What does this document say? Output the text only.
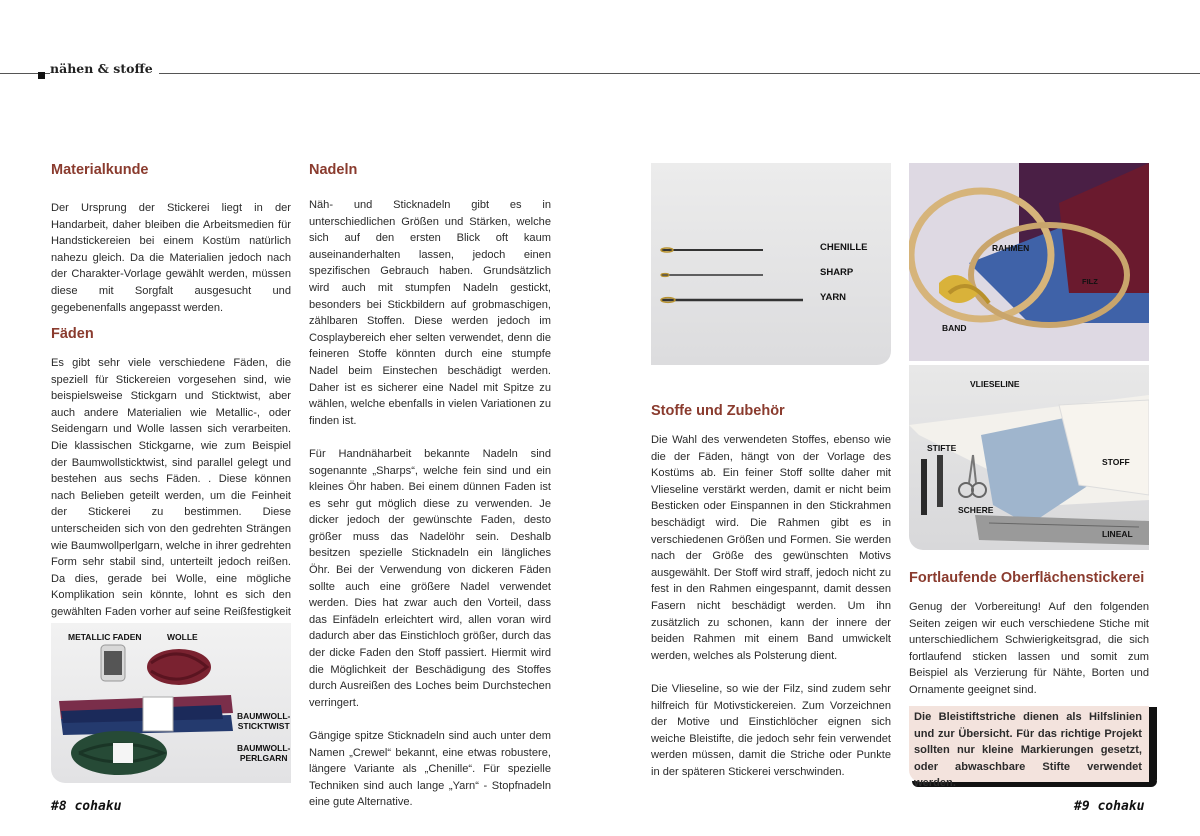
nähen & stoffe
Materialkunde

Der Ursprung der Stickerei liegt in der Handarbeit, daher bleiben die Arbeitsmedien für Handstickereien bei einem Kostüm natürlich nahezu gleich. Da die Materialien jedoch nach der Charakter-Vorlage gewählt werden, müssen diese mit Sorgfalt ausgesucht und gegebenenfalls angepasst werden.

Fäden

Es gibt sehr viele verschiedene Fäden, die speziell für Stickereien vorgesehen sind, wie beispielsweise Stickgarn und Sticktwist, aber auch andere Materialien wie Metallic-, oder Seidengarn und Wolle lassen sich verarbeiten. Die klassischen Stickgarne, wie zum Beispiel der Baumwollsticktwist, sind parallel gelegt und bestehen aus sechs Fäden. . Diese können nach Belieben geteilt werden, um die Feinheit der Stickerei zu bestimmen. Diese unterscheiden sich von den gedrehten Strängen wie Baumwollperlgarn, welche in ihrer gedrehten Form sehr stabil sind, unterteilt jedoch reißen. Da dies, gerade bei Wolle, eine mögliche Komplikation sein könnte, lohnt es sich den gewählten Faden vorher auf seine Reißfestigkeit

METALLIC FADEN	WOLLE
BAUMWOLL-
STICKTWIST
BAUMWOLL-
PERLGARN
Nadeln

Näh- und Sticknadeln gibt es in unterschiedlichen Größen und Stärken, welche sich auf den ersten Blick oft kaum auseinanderhalten lassen, jedoch einen spezifischen Gebrauch haben. Grundsätzlich wird auch mit stumpfen Nadeln gestickt, besonders bei Stickbildern auf grobmaschigen, zählbaren Stoffen. Diese werden jedoch im Cosplaybereich eher selten verwendet, denn die feineren Stoffe könnten durch eine stumpfe Nadel beim Einstechen beschädigt werden. Daher ist es sicherer eine Nadel mit Spitze zu wählen, welche ebenfalls in vielen Variationen zu finden ist.

Für Handnäharbeit bekannte Nadeln sind sogenannte „Sharps“, welche fein sind und ein kleines Öhr haben. Bei einem dünnen Faden ist es sehr gut möglich diese zu verwenden. Je dicker jedoch der gewünschte Faden, desto größer muss das Nadelöhr sein. Deshalb besitzen spezielle Sticknadeln ein längliches Öhr. Bei der Verwendung von dickeren Fäden sollte auch eine größere Nadel verwendet werden. Dies hat zwar auch den Vorteil, dass das Einfädeln erleichtert wird, allen voran wird dadurch aber das Einstichloch größer, durch das der dicke Faden den Stoff passiert. Hiermit wird die Möglichkeit der Beschädigung des Stoffes durch Ausreißen des Loches beim Durchstechen verringert.

Gängige spitze Sticknadeln sind auch unter dem Namen „Crewel“ bekannt, eine etwas robustere, längere Variante als „Chenille“. Für spezielle Techniken sind auch lange „Yarn“ - Stopfnadeln eine gute Alternative.

CHENILLE
SHARP
YARN
Stoffe und Zubehör

Die Wahl des verwendeten Stoffes, ebenso wie die der Fäden, hängt von der Vorlage des Kostüms ab. Ein feiner Stoff sollte daher mit Vlieseline verstärkt werden, damit er nicht beim Besticken oder Einspannen in den Stickrahmen beschädigt wird. Die Rahmen gibt es in verschiedenen Größen und Formen. Sie werden nach der Größe des gewünschten Motivs ausgewählt. Der Stoff wird straff, jedoch nicht zu fest in den Rahmen eingespannt, damit dessen Fasern nicht beschädigt werden. Um ihn zusätzlich zu schonen, kann der innere der beiden Rahmen mit einem Band umwickelt werden, welches als Polsterung dient.

Die Vlieseline, so wie der Filz, sind zudem sehr hilfreich für Motivstickereien. Zum Vorzeichnen der Motive und Einstichlöcher eignen sich weiche Bleistifte, die jedoch sehr fein verwendet werden müssen, damit die Striche oder Punkte in der späteren Stickerei verschwinden.

RAHMEN
FILZ
BAND
VLIESELINE
STIFTE
STOFF
SCHERE
LINEAL
Fortlaufende Oberflächenstickerei

Genug der Vorbereitung! Auf den folgenden Seiten zeigen wir euch verschiedene Stiche mit unterschiedlichem Schwierigkeitsgrad, die sich fortlaufend sticken lassen und somit zum Beispiel als Verzierung für Nähte, Borten und Ornamente geeignet sind.

Die Bleistiftstriche dienen als Hilfslinien und zur Übersicht. Für das richtige Projekt sollten nur kleine Markierungen gesetzt, oder abwaschbare Stifte verwendet werden.
#8 cohaku	#9 cohaku
